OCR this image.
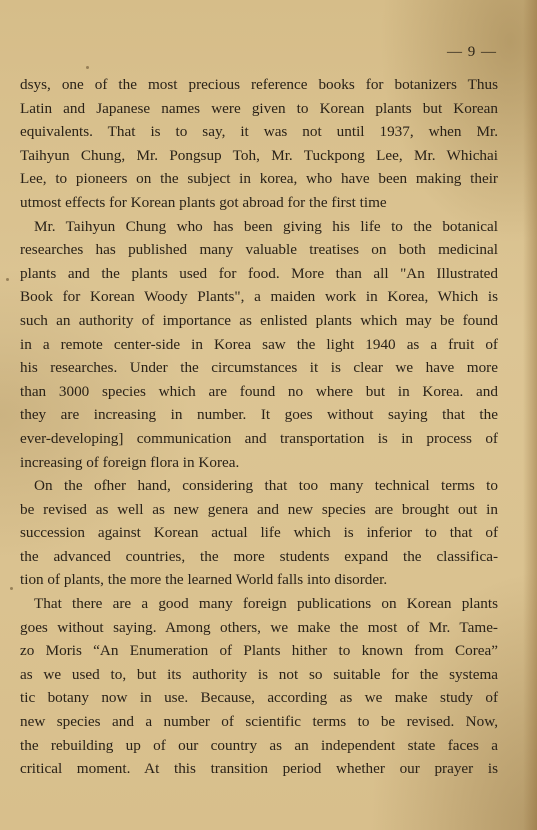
— 9 —
dsys, one of the most precious reference books for botanizers Thus
Latin and Japanese names were given to Korean plants but Korean
equivalents. That is to say, it was not until 1937, when Mr.
Taihyun Chung, Mr. Pongsup Toh, Mr. Tuckpong Lee, Mr. Whichai
Lee, to pioneers on the subject in korea, who have been making their
utmost effects for Korean plants got abroad for the first time
Mr. Taihyun Chung who has been giving his life to the botanical
researches has published many valuable treatises on both medicinal
plants and the plants used for food. More than all "An Illustrated
Book for Korean Woody Plants", a maiden work in Korea, Which is
such an authority of importance as enlisted plants which may be found
in a remote center-side in Korea saw the light 1940 as a fruit of
his researches. Under the circumstances it is clear we have more
than 3000 species which are found no where but in Korea. and
they are increasing in number. It goes without saying that the
ever-developing] communication and transportation is in process of
increasing of foreign flora in Korea.
On the ofher hand, considering that too many technical terms to
be revised as well as new genera and new species are brought out in
succession against Korean actual life which is inferior to that of
the advanced countries, the more students expand the classifica-
tion of plants, the more the learned World falls into disorder.
That there are a good many foreign publications on Korean plants
goes without saying. Among others, we make the most of Mr. Tame-
zo Moris “An Enumeration of Plants hither to known from Corea”
as we used to, but its authority is not so suitable for the systema
tic botany now in use. Because, according as we make study of
new species and a number of scientific terms to be revised. Now,
the rebuilding up of our country as an independent state faces a
critical moment. At this transition period whether our prayer is
